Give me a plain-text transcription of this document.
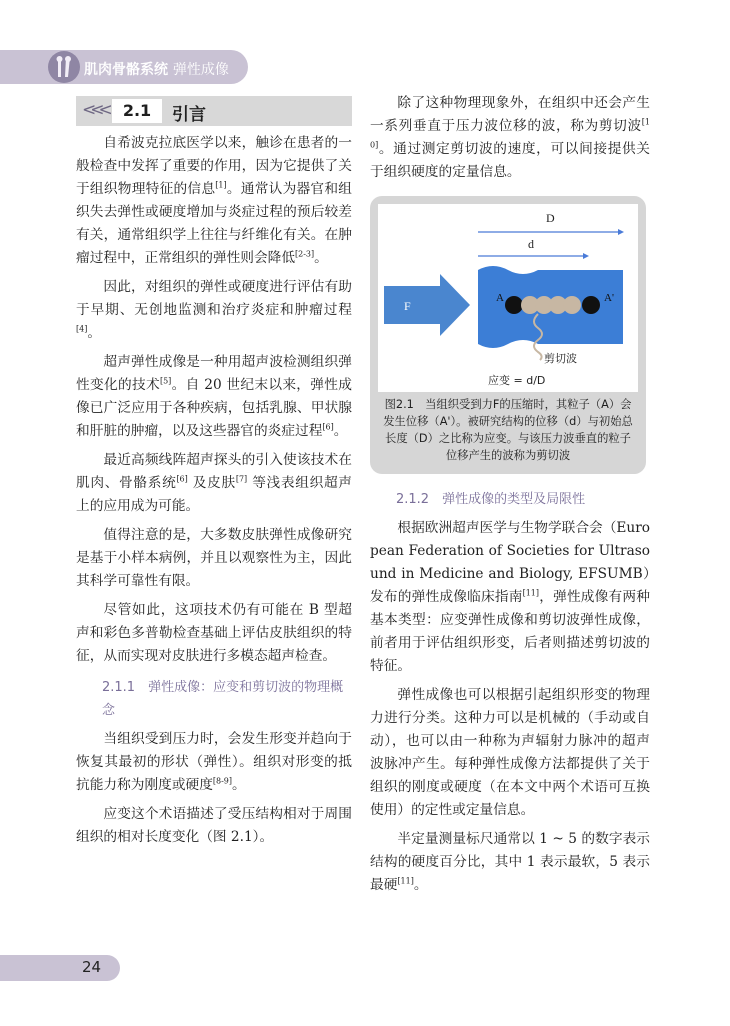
肌肉骨骼系统 弹性成像
<<<	2.1	引言

自希波克拉底医学以来，触诊在患者的一般检查中发挥了重要的作用，因为它提供了关于组织物理特征的信息[1]。通常认为器官和组织失去弹性或硬度增加与炎症过程的预后较差有关，通常组织学上往往与纤维化有关。在肿瘤过程中，正常组织的弹性则会降低[2-3]。

因此，对组织的弹性或硬度进行评估有助于早期、无创地监测和治疗炎症和肿瘤过程[4]。

超声弹性成像是一种用超声波检测组织弹性变化的技术[5]。自 20 世纪末以来，弹性成像已广泛应用于各种疾病，包括乳腺、甲状腺和肝脏的肿瘤，以及这些器官的炎症过程[6]。

最近高频线阵超声探头的引入使该技术在肌肉、骨骼系统[6] 及皮肤[7] 等浅表组织超声上的应用成为可能。

值得注意的是，大多数皮肤弹性成像研究是基于小样本病例，并且以观察性为主，因此其科学可靠性有限。

尽管如此，这项技术仍有可能在 B 型超声和彩色多普勒检查基础上评估皮肤组织的特征，从而实现对皮肤进行多模态超声检查。

2.1.1　弹性成像：应变和剪切波的物理概念

当组织受到压力时，会发生形变并趋向于恢复其最初的形状（弹性）。组织对形变的抵抗能力称为刚度或硬度[8-9]。

应变这个术语描述了受压结构相对于周围组织的相对长度变化（图 2.1）。

除了这种物理现象外，在组织中还会产生一系列垂直于压力波位移的波，称为剪切波[10]。通过测定剪切波的速度，可以间接提供关于组织硬度的定量信息。

D
d
F
A	A'
剪切波
应变 = d/D
图2.1　当组织受到力F的压缩时，其粒子（A）会发生位移（A'）。被研究结构的位移（d）与初始总长度（D）之比称为应变。与该压力波垂直的粒子位移产生的波称为剪切波
2.1.2　弹性成像的类型及局限性

根据欧洲超声医学与生物学联合会（European Federation of Societies for Ultrasound in Medicine and Biology, EFSUMB）发布的弹性成像临床指南[11]，弹性成像有两种基本类型：应变弹性成像和剪切波弹性成像，前者用于评估组织形变，后者则描述剪切波的特征。

弹性成像也可以根据引起组织形变的物理力进行分类。这种力可以是机械的（手动或自动），也可以由一种称为声辐射力脉冲的超声波脉冲产生。每种弹性成像方法都提供了关于组织的刚度或硬度（在本文中两个术语可互换使用）的定性或定量信息。

半定量测量标尺通常以 1 ~ 5 的数字表示结构的硬度百分比，其中 1 表示最软，5 表示最硬[11]。

24
